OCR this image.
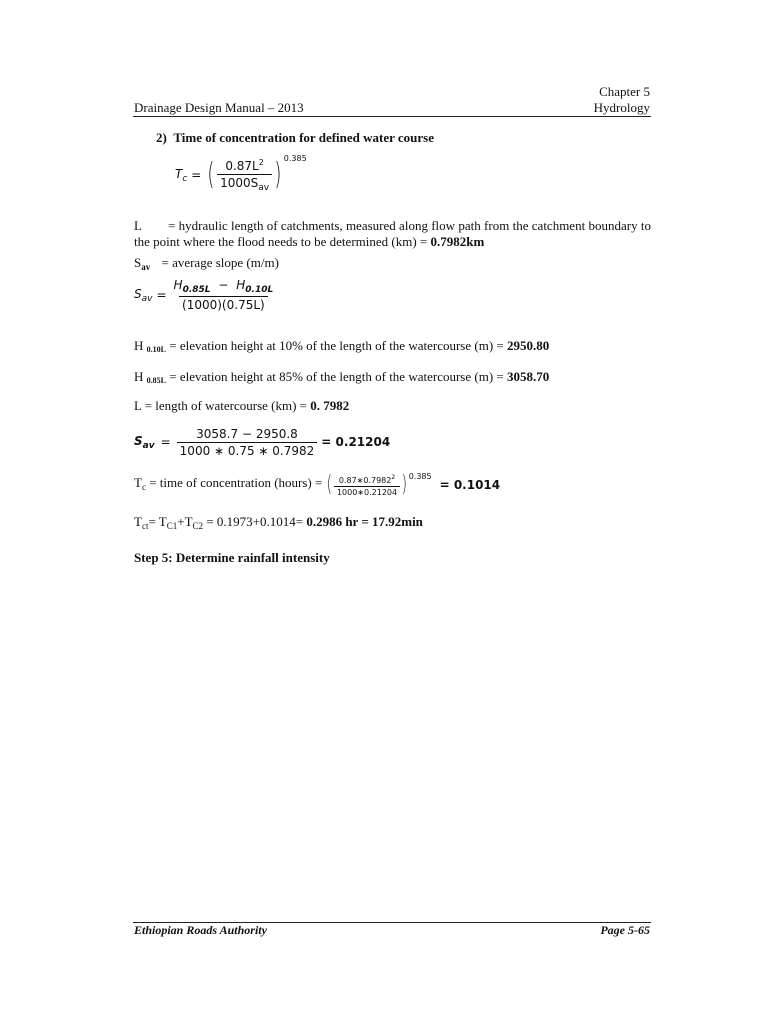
Chapter 5
Drainage Design Manual – 2013	Hydrology
2)  Time of concentration for defined water course
$T_c$ = ( $\frac{0.87L^2}{1000S_{av}}$ ) 0.385
L	= hydraulic length of catchments, measured along flow path from the catchment boundary to the point where the flood needs to be determined (km) = 0.7982km
$S_{av}$ = average slope (m/m)
$S_{av} = \frac{H_{0.85L} - H_{0.10L}}{(1000)(0.75L)}$
H 0.10L = elevation height at 10% of the length of the watercourse (m) = 2950.80
H 0.85L = elevation height at 85% of the length of the watercourse (m) = 3058.70
L = length of watercourse (km) = 0. 7982
$S_{av} = \frac{3058.7 - 2950.8}{1000 ∗ 0.75 ∗ 0.7982} = 0.21204$
$T_c$ = time of concentration (hours) = ( $\frac{0.87∗0.7982^2}{1000∗0.21204}$ ) 0.385
= 0.1014
$T_{ct}= T_{C1}+T_{C2} = 0.1973+0.1014= 0.2986$ hr = 17.92min
Step 5: Determine rainfall intensity
Ethiopian Roads Authority	Page 5-65
